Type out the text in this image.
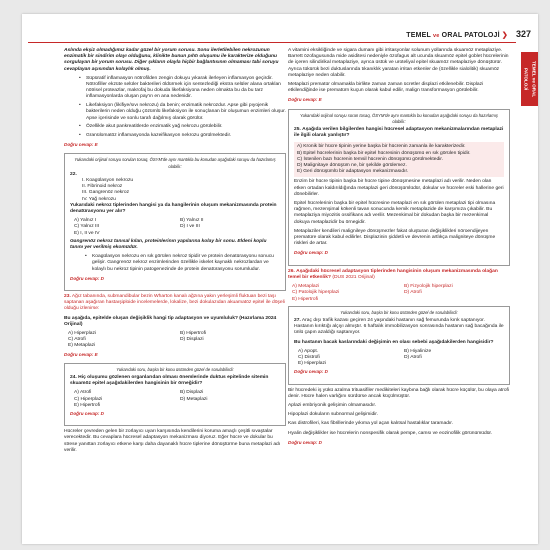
TEMEL ve ORAL PATOLOJİ ❯ 327
TEMEL ve ORAL PATOLOJİ

Aslında ekşiz olmadığımız kadar güzel bir yorum sorusu. Sonu ilerletilebilen nekrozunun enzimatik bir sindirim olayı olduğunu, klinikte bunun pıhtı oluşumu ile karakterize olduğunu sorgulayan bir yorum sorusu. Diğer şıkların olayla hiçbir bağlantısının olmaması tabi soruyu cevaplayan açısından kolaylık olmuş.

• Süpüratif inflamasyon nötrofilden zengin dokuyu yıkarak ilerleyen inflamasyon geçirdir. Nötrofiller ekzüte selüler bakterileri öldürmek için sentezlediği ekstra selüler alana ortaklan nötrisel proteazlar, makrofaj bu dokuda likefaksiyona neden olmakta bu da bu tarz inflamasyonlarda oluşan pay'ın en ana nedenidir.
• Likefaksiyon (likifiye/sıvı nekrozu) da benin; enzimatik nekrozdur. Apse gibi pıyojenik bakterilerin neden olduğu çözümlü likefaksiyon ile sonuçlanan bir oluşumun enzimleri oluşur. Apse içerisinde ve sonlu tarafı dağılmış olarak görülür.
• Özellikle akut pankreatitlerde enzimatik yağ nekrozu görülebilir.
• Granülomatöz inflamasyonda kazeifikasyon nekrozu görülmektedir.
Doğru cevap: E
Yukarıdaki orijinal soruyu sorulan tosaq, ÖSYM'de aynı mantıkla bu konudan aşağıdaki soruyu da hazırlamış olabilir:
22.
I. Koagülasyon nekrozu
II. Fibrinoid nekroz
III. Gangrenöz nekroz
IV. Yağ nekrozu

Yukarıdaki nekroz tiplerinden hangisi ya da hangilerinin oluşum mekanizmasında protein denatürasyonu yer alır?

A) Yalnız I	B) Yalnız II
C) Yalnız III	D) I ve III
E) I, II ve IV

Gangrenöz nekroz tanısal kılan, proteinlerinın yapılarına kolay bir sonu. Eldeni koplu tanını yer verilmiş ekomüdür.

• Koagülasyon nekrozu en sık görülen nekroz tipidir ve protein denatürasyonu sonucu gelişir. Gangrenöz nekroz enzimlerinden özellikle iskelet kaynaklı nekrozlardan ve kolaylı bu nekroz tipinin patogenezinde de protein denatürasyonu sorumludur.
Doğru cevap: D

23. Ağız tabanında, submandibular bezin Wharton kanalı ağzına yakın yerleşimli fluktuan bezi taşı saptanan aşağıran hastaışiploide incelemelerde, lokalize, bezi dokulazıdan akuamatöz epitel ile döşeli olduğu izlenirse:

Bu aşağıda, epitelde oluşan değişiklik hangi tip adaptasyon ve uyumluluk? (Hazırlama 2024 Orijinal)

A) Hiperplazi	B) Hipertrofi
C) Atrofi	D) Displazi
E) Metaplazi
Doğru cevap: E
Yukarıdaki soru, başka bir konu üstünden güzel de sorulabilirdi:

24. Hiç oluşumu gözlenen organlarıdan olması önemlerinde duktus epitelinde sitemin skuamöz epitel aşağıdakilerden hangisinin bir örneğidir?

A) Atrofi	B) Displazi
C) Hiperplazi	D) Metaplazi
E) Hipertrofi
Doğru cevap: D

Hücreler çevreden gelen bir zorlayıcı uyarı karşısında kendilerini koruma amaçlı çeşitli sıvaştalar verecektedir. Bu cevaplara hücresel adaptasyon mekanizması diyoruz. Eğer hücre ve dokular bu strese yanıttan zorlayıcı etkene karşı daha dayanaklı hücre tiplerine dönüştürme buna metaplazi adı verilir.

A vitamini eksikliğinde ve sigara dumanı gibi irritasyonlar solunum yollarında skuamöz metaplaziye. Barrett özofagusunda mide asiditesi nedeniyle özofagus alt ucunda skuamöz epitel goblet hücrelerinin de içeren silindirikal metaplaziye, ayrıca üstük ve uroteliyal epitel skuamöz metaplaziye dönüştürür. Ayrıca tükürük bezi duktuslarında tıkanıklık yaratan irritan etkenler de (özellikle sialolitik) skuamöz metaplaziye neden olabilir.

Metaplazi prematür olmamakla birlikte zaman zaman ücretler displazi etkilenebilir. Displazi etkilendiğinde ise prematürn kuçun olarak kabul edilir, malign transformasyon görülebilir.

Doğru cevap: E
Yukarıdaki orijinal soruyu soran tosaq, ÖSYM'de aynı mantıkla bu konudan aşağıdaki soruyu da hazırlamış olabilir:

25. Aşağıda verilen bilgilerden hangisi hücresel adaptasyon mekanizmalarından metaplazi ile ilgili olarak yanlıştır?

A) Kronik bir hücre tipinin yerine başka bir hücrenin zamanla ile karakterizedir.
B) Epitel hücrelerinin başka bir epitel hücresinin dönüşümü en sık görülen tipidir.
C) İstenilen bazı hücrenin temsil hücrenin dönüşümü görülmektedir.
D) Malignitaye dönüşüm ne, bir şekilde görülemez.
E) Geri dönüşümlü bir adaptasyon mekanizmasıdır.

Enzim bir hücre tipinin başka bir hücre tipine dönüşmesine metaplazi adı verilir. Neden olan etken ortadan kaldırıldığında metaplazi geri dönüşümlüdür, dokular ve hücreler eski hallerine geri dönebilirler.

Epitel hücrelerinin başka bir epitel hücresine metaplazi en sık görülen metaplazi tipi olmasına rağmen, mezenşimal kökenli tavan sonucunda kemik metaplazide de karşımıza çıkabilir. Bu metaplaziya miyozitis ossifikans adı verilir. Mezenkimal bir dokudan başka bir mezenkimal dokuya metaplazidir bu örnegidir.

Metaplaziler kendileri malignileye dönüşmezler fakat oluşturan değişiklikleri nöroendijeyen prematüre olarak kabul edilirler. Displazinin şiddetli ve devrenin artlıkça maligniteye dönüşme riskleri de artar.

Doğru cevap: D

26. Aşağıdaki hücresel adaptasyon tiplerinden hangisinin oluşum mekanizmasında olağan temel bir etkenlik? (DUS 2021 Orijinal)

A) Metaplazi	B) Fizyolojik hiperplazi
C) Patolojik hiperplazi	D) Atrofi
E) Hipertrofi
Yukarıdaki soru, başka bir konu üstünden güzel de sorulabilirdi:

27. Araç dışı trafik kazası geçiren 24 yaşındaki hastanın sağ femurunda kırık saptanıyor. Hastanın kırıktığı alçıyı almıştır. 6 haftalık immobilizasyon sonrasında hastanın sağ bacağında ile ünlü çapın azaldığı saptanıyor.

Bu hastanın bacak kaslarındaki değişimin en olası sebebi aşağıdakilerden hangisidir?

A) Apopt.	B) Hiyalinize
C) Distrofi	D) Atrofi
E) Hiperplazi
Doğru cevap: D

Bir hücredeki iş yükü azalma trituasifiler medikiteleri kaybına bağlı olarak hücre küçülür, bu olaya atrofi denir. Hücre halen varlığını sürdürse ancak küçülmüştür.

Aplazi embriyonik gelişimin olmamasıdır.

Hipoplazi dokuların subnormal gelişimidir.

Kas distrofileri, kas fibrillerinde yıkıma yol açan kalıtsal hastalıklar taramadır.

Hyalin değişiklikler ise hücrelerin nonspesifik olarak pempe, camsı ve eozinofilik görünümüdür.

Doğru cevap: D
